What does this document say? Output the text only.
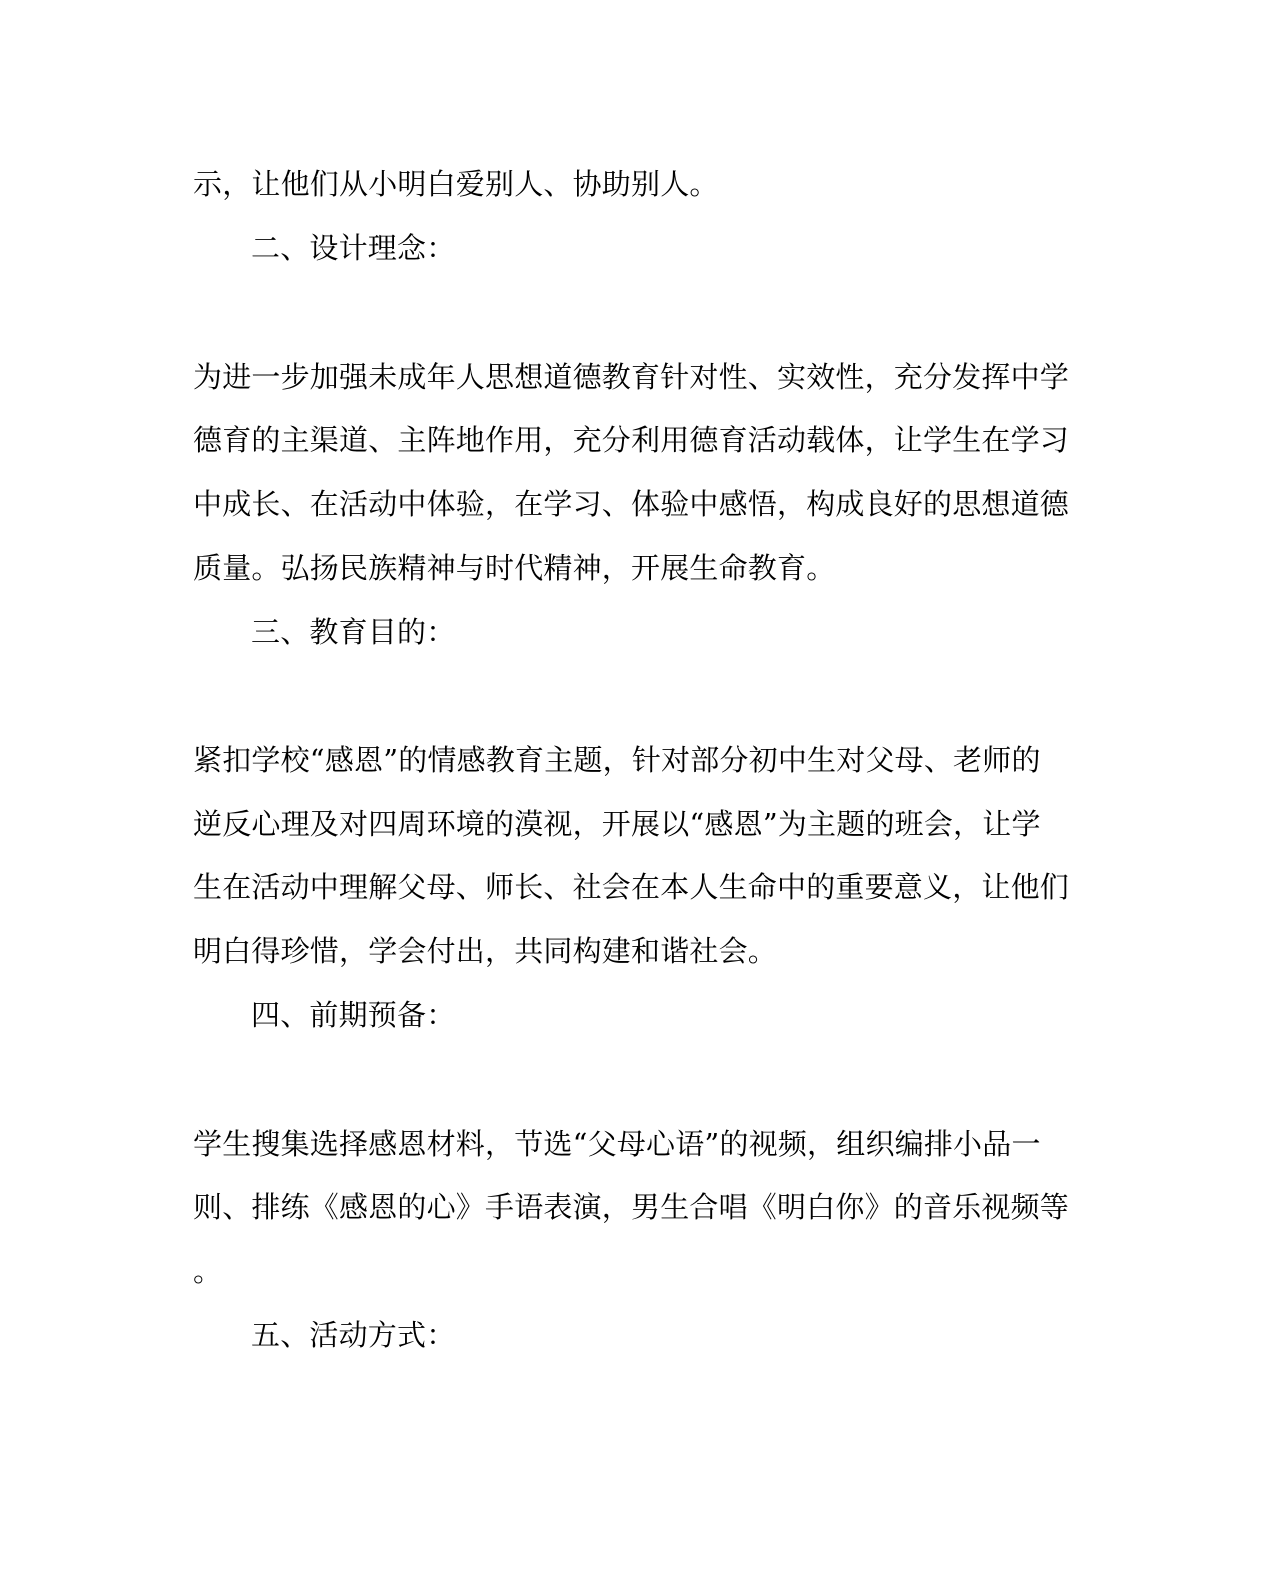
示，让他们从小明白爱别人、协助别人。
二、设计理念：
为进一步加强未成年人思想道德教育针对性、实效性，充分发挥中学
德育的主渠道、主阵地作用，充分利用德育活动载体，让学生在学习
中成长、在活动中体验，在学习、体验中感悟，构成良好的思想道德
质量。弘扬民族精神与时代精神，开展生命教育。
三、教育目的：
紧扣学校“感恩”的情感教育主题，针对部分初中生对父母、老师的
逆反心理及对四周环境的漠视，开展以“感恩”为主题的班会，让学
生在活动中理解父母、师长、社会在本人生命中的重要意义，让他们
明白得珍惜，学会付出，共同构建和谐社会。
四、前期预备：
学生搜集选择感恩材料，节选“父母心语”的视频，组织编排小品一
则、排练《感恩的心》手语表演，男生合唱《明白你》的音乐视频等
。
五、活动方式：
